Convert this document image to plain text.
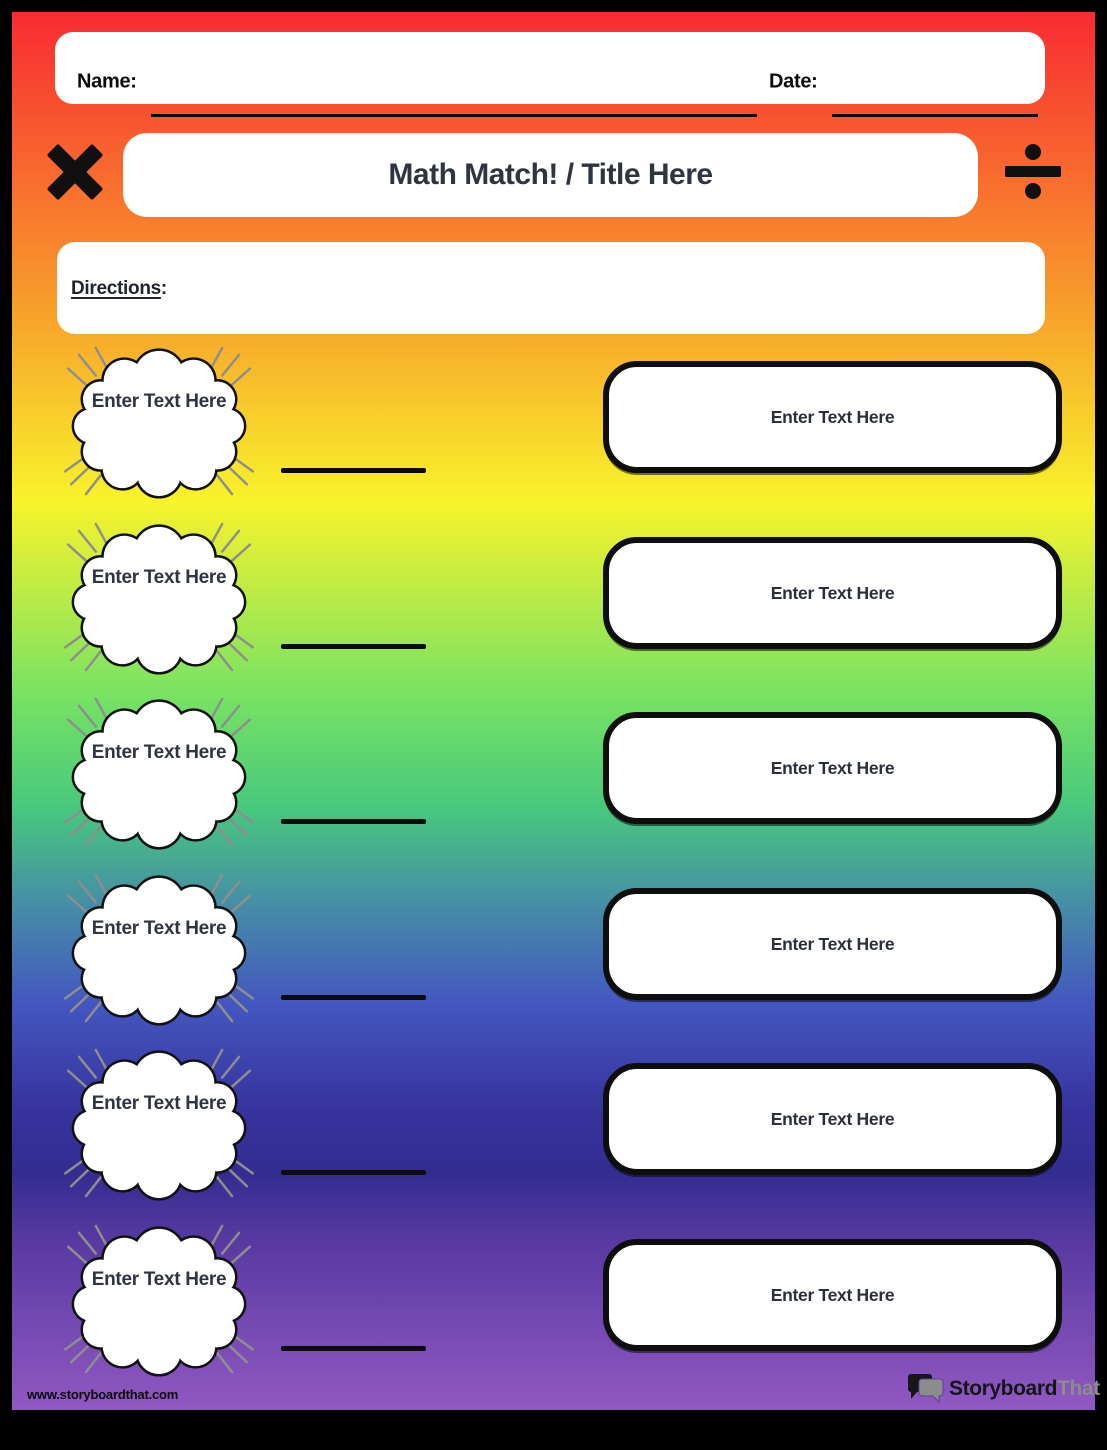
Name:	Date:
Math Match! / Title Here
Directions:
Enter Text Here
Enter Text Here
Enter Text Here
Enter Text Here
Enter Text Here
Enter Text Here
Enter Text Here
Enter Text Here
Enter Text Here
Enter Text Here
Enter Text Here
Enter Text Here
www.storyboardthat.com	StoryboardThat
